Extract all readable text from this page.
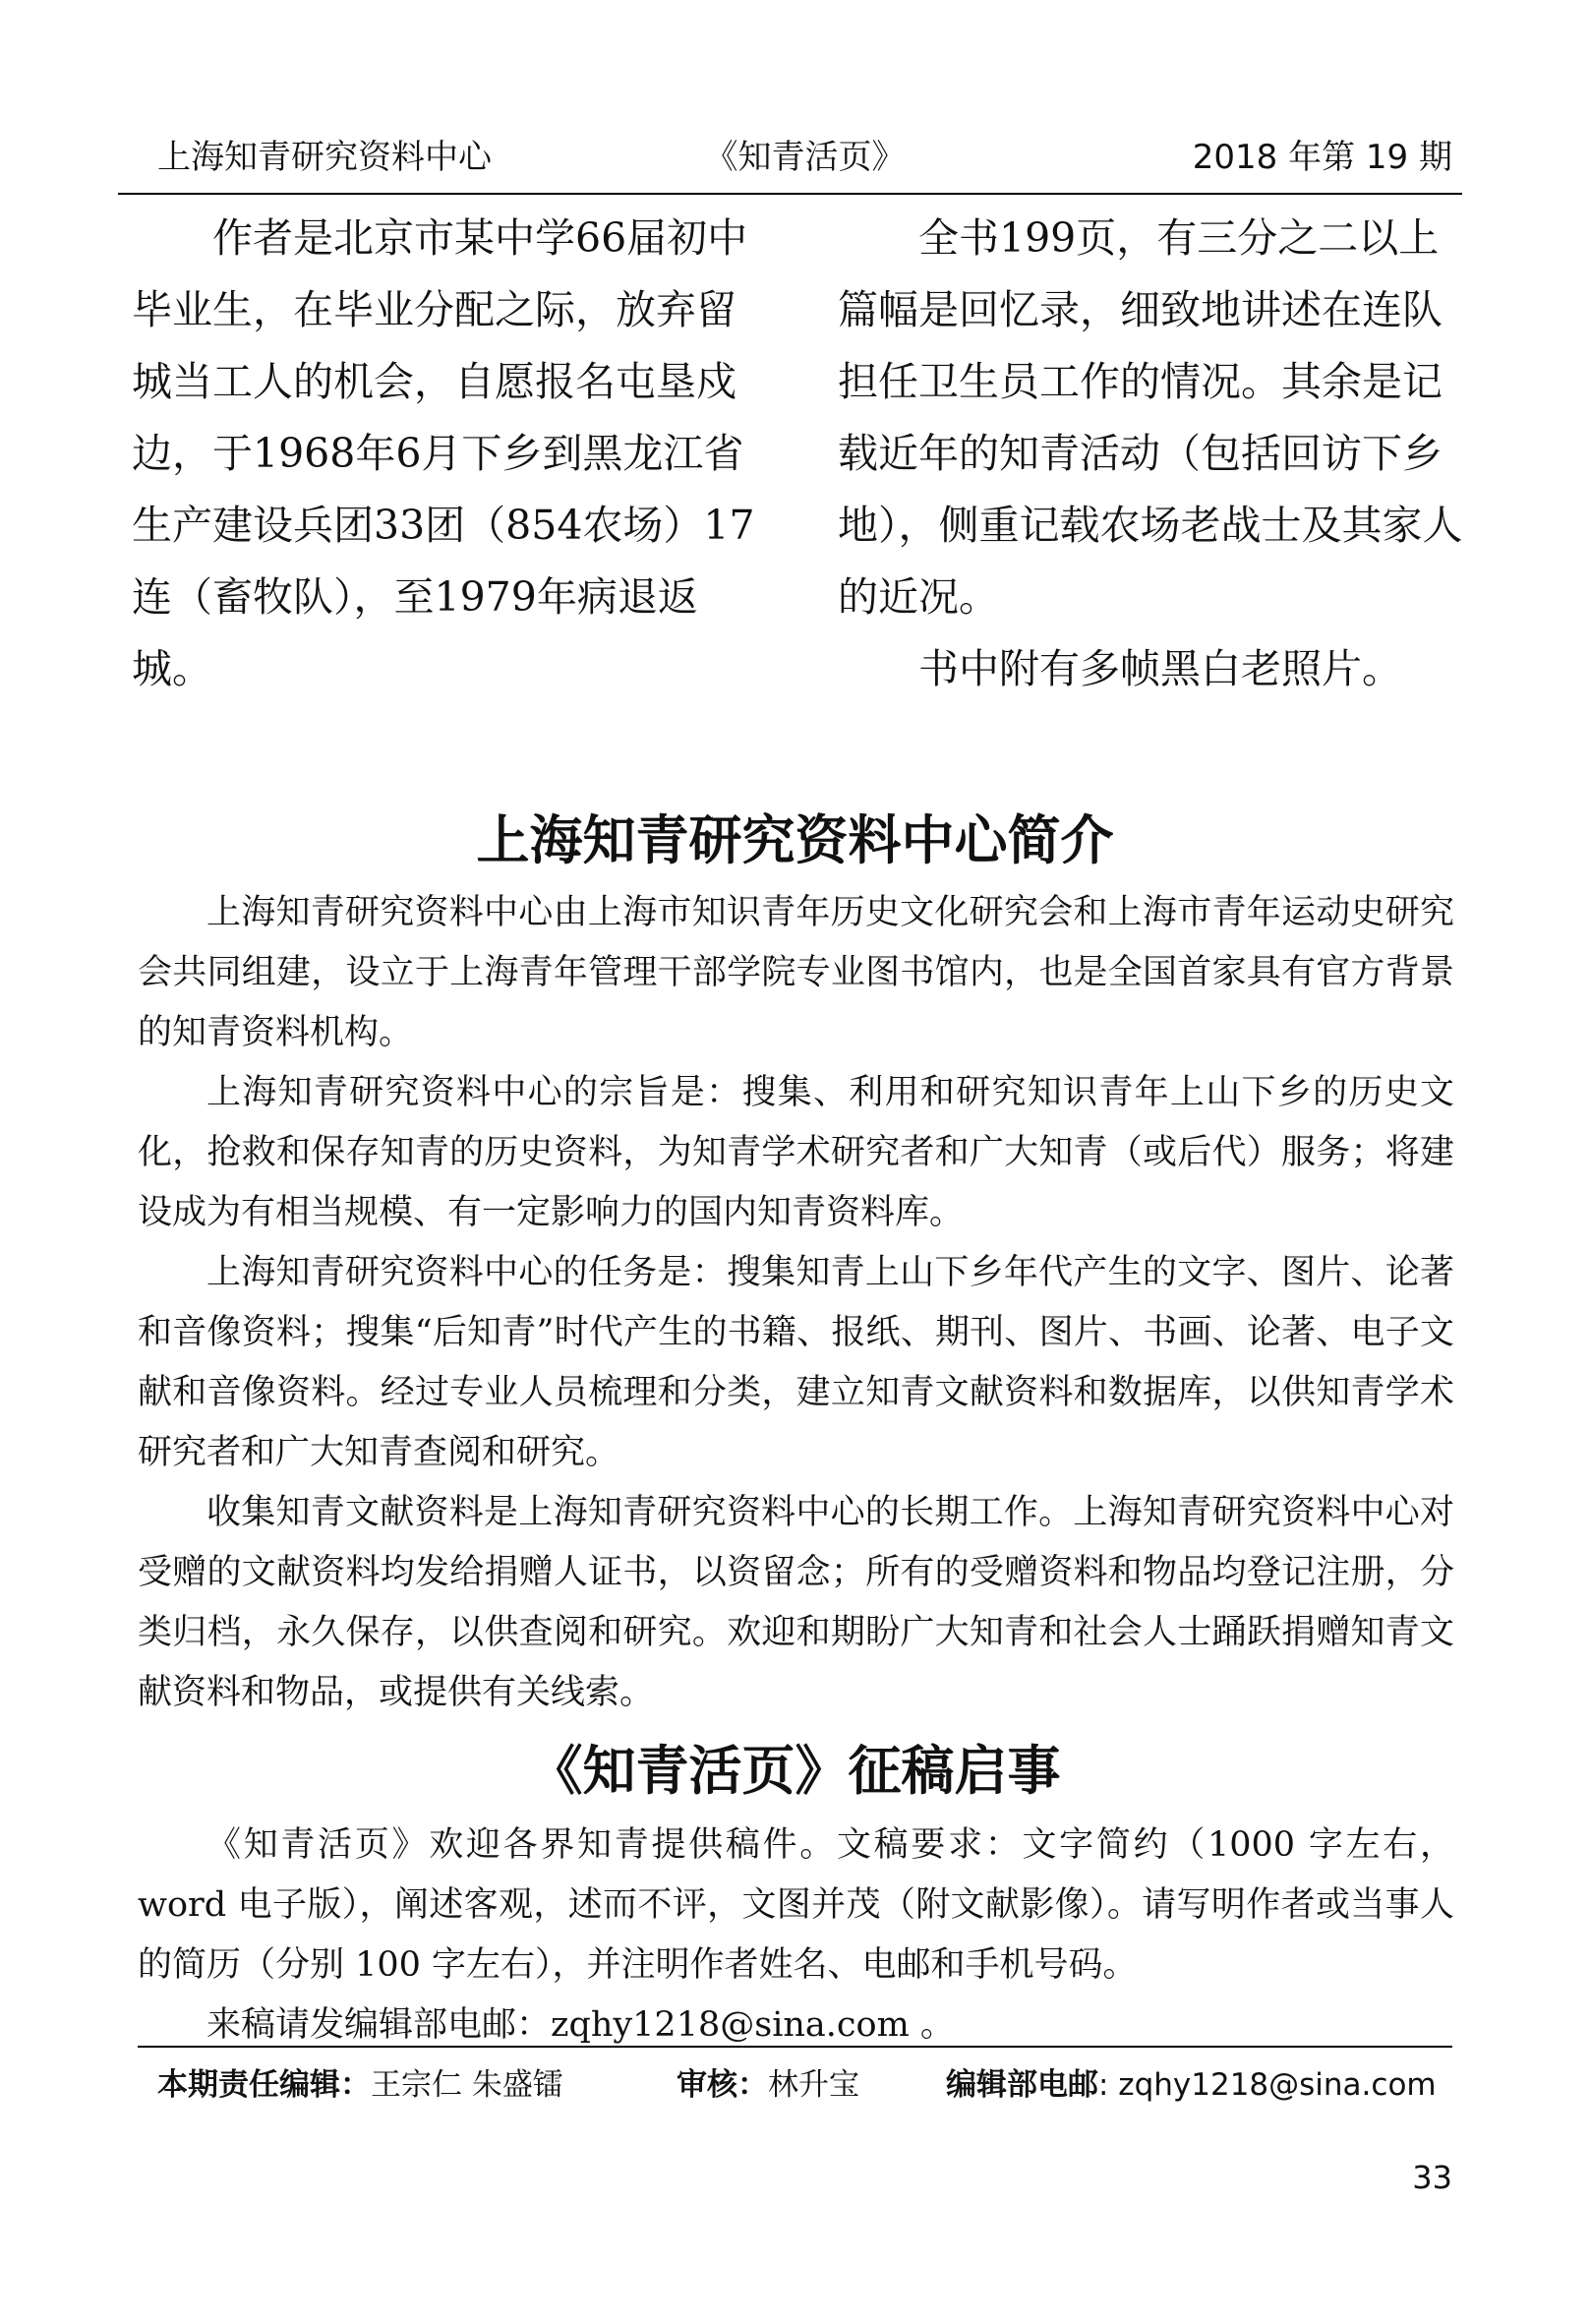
上海知青研究资料中心	《知青活页》	2018 年第 19 期

作者是北京市某中学66届初中毕业生，在毕业分配之际，放弃留城当工人的机会，自愿报名屯垦戍边，于1968年6月下乡到黑龙江省生产建设兵团33团（854农场）17连（畜牧队），至1979年病退返城。

全书199页，有三分之二以上篇幅是回忆录，细致地讲述在连队担任卫生员工作的情况。其余是记载近年的知青活动（包括回访下乡地），侧重记载农场老战士及其家人的近况。

书中附有多帧黑白老照片。

上海知青研究资料中心简介

上海知青研究资料中心由上海市知识青年历史文化研究会和上海市青年运动史研究会共同组建，设立于上海青年管理干部学院专业图书馆内，也是全国首家具有官方背景的知青资料机构。

上海知青研究资料中心的宗旨是：搜集、利用和研究知识青年上山下乡的历史文化，抢救和保存知青的历史资料，为知青学术研究者和广大知青（或后代）服务；将建设成为有相当规模、有一定影响力的国内知青资料库。

上海知青研究资料中心的任务是：搜集知青上山下乡年代产生的文字、图片、论著和音像资料；搜集“后知青”时代产生的书籍、报纸、期刊、图片、书画、论著、电子文献和音像资料。经过专业人员梳理和分类，建立知青文献资料和数据库，以供知青学术研究者和广大知青查阅和研究。

收集知青文献资料是上海知青研究资料中心的长期工作。上海知青研究资料中心对受赠的文献资料均发给捐赠人证书，以资留念；所有的受赠资料和物品均登记注册，分类归档，永久保存，以供查阅和研究。欢迎和期盼广大知青和社会人士踊跃捐赠知青文献资料和物品，或提供有关线索。

《知青活页》征稿启事

《知青活页》欢迎各界知青提供稿件。文稿要求：文字简约（1000 字左右，word 电子版），阐述客观，述而不评，文图并茂（附文献影像）。请写明作者或当事人的简历（分别 100 字左右），并注明作者姓名、电邮和手机号码。

来稿请发编辑部电邮：zqhy1218@sina.com 。

本期责任编辑：王宗仁 朱盛镭	审核：林升宝	编辑部电邮: zqhy1218@sina.com
33
